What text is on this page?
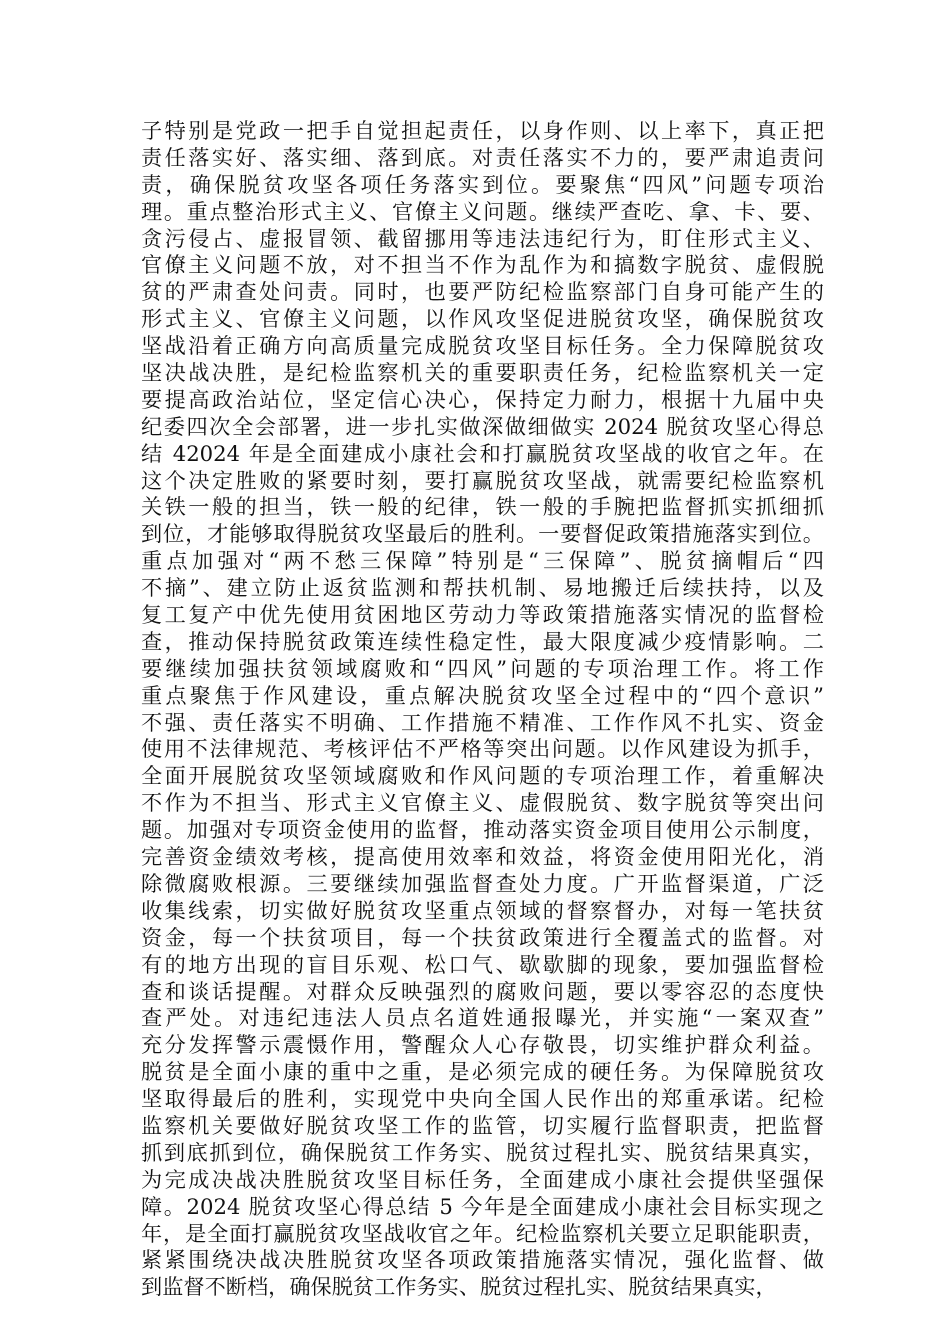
子特别是党政一把手自觉担起责任，以身作则、以上率下，真正把
责任落实好、落实细、落到底。对责任落实不力的，要严肃追责问
责，确保脱贫攻坚各项任务落实到位。要聚焦“四风”问题专项治
理。重点整治形式主义、官僚主义问题。继续严查吃、拿、卡、要、
贪污侵占、虚报冒领、截留挪用等违法违纪行为，盯住形式主义、
官僚主义问题不放，对不担当不作为乱作为和搞数字脱贫、虚假脱
贫的严肃查处问责。同时，也要严防纪检监察部门自身可能产生的
形式主义、官僚主义问题，以作风攻坚促进脱贫攻坚，确保脱贫攻
坚战沿着正确方向高质量完成脱贫攻坚目标任务。全力保障脱贫攻
坚决战决胜，是纪检监察机关的重要职责任务，纪检监察机关一定
要提高政治站位，坚定信心决心，保持定力耐力，根据十九届中央
纪委四次全会部署，进一步扎实做深做细做实 2024 脱贫攻坚心得总
结 42024 年是全面建成小康社会和打赢脱贫攻坚战的收官之年。在
这个决定胜败的紧要时刻，要打赢脱贫攻坚战，就需要纪检监察机
关铁一般的担当，铁一般的纪律，铁一般的手腕把监督抓实抓细抓
到位，才能够取得脱贫攻坚最后的胜利。一要督促政策措施落实到位。
重点加强对“两不愁三保障”特别是“三保障”、脱贫摘帽后“四
不摘”、建立防止返贫监测和帮扶机制、易地搬迁后续扶持，以及
复工复产中优先使用贫困地区劳动力等政策措施落实情况的监督检
查，推动保持脱贫政策连续性稳定性，最大限度减少疫情影响。二
要继续加强扶贫领域腐败和“四风”问题的专项治理工作。将工作
重点聚焦于作风建设，重点解决脱贫攻坚全过程中的“四个意识”
不强、责任落实不明确、工作措施不精准、工作作风不扎实、资金
使用不法律规范、考核评估不严格等突出问题。以作风建设为抓手，
全面开展脱贫攻坚领域腐败和作风问题的专项治理工作，着重解决
不作为不担当、形式主义官僚主义、虚假脱贫、数字脱贫等突出问
题。加强对专项资金使用的监督，推动落实资金项目使用公示制度，
完善资金绩效考核，提高使用效率和效益，将资金使用阳光化，消
除微腐败根源。三要继续加强监督查处力度。广开监督渠道，广泛
收集线索，切实做好脱贫攻坚重点领域的督察督办，对每一笔扶贫
资金，每一个扶贫项目，每一个扶贫政策进行全覆盖式的监督。对
有的地方出现的盲目乐观、松口气、歇歇脚的现象，要加强监督检
查和谈话提醒。对群众反映强烈的腐败问题，要以零容忍的态度快
查严处。对违纪违法人员点名道姓通报曝光，并实施“一案双查”
充分发挥警示震慑作用，警醒众人心存敬畏，切实维护群众利益。
脱贫是全面小康的重中之重，是必须完成的硬任务。为保障脱贫攻
坚取得最后的胜利，实现党中央向全国人民作出的郑重承诺。纪检
监察机关要做好脱贫攻坚工作的监管，切实履行监督职责，把监督
抓到底抓到位，确保脱贫工作务实、脱贫过程扎实、脱贫结果真实，
为完成决战决胜脱贫攻坚目标任务，全面建成小康社会提供坚强保
障。2024 脱贫攻坚心得总结 5 今年是全面建成小康社会目标实现之
年，是全面打赢脱贫攻坚战收官之年。纪检监察机关要立足职能职责，
紧紧围绕决战决胜脱贫攻坚各项政策措施落实情况，强化监督、做
到监督不断档，确保脱贫工作务实、脱贫过程扎实、脱贫结果真实，
